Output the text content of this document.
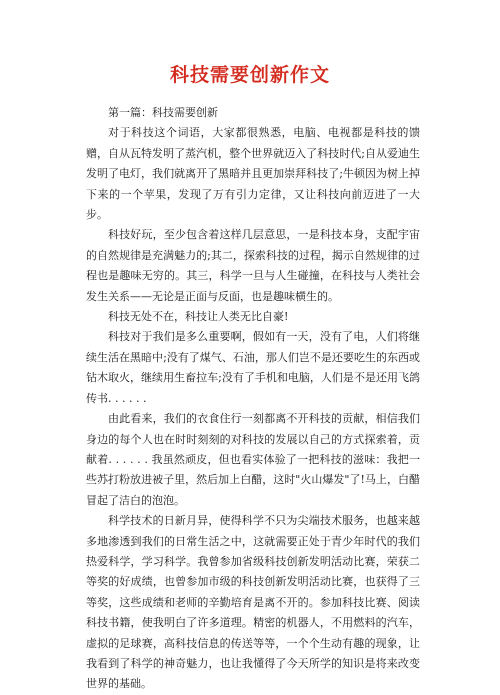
科技需要创新作文

第一篇：科技需要创新

对于科技这个词语，大家都很熟悉，电脑、电视都是科技的馈赠，自从瓦特发明了蒸汽机，整个世界就迈入了科技时代;自从爱迪生发明了电灯，我们就离开了黑暗并且更加崇拜科技了;牛顿因为树上掉下来的一个苹果，发现了万有引力定律，又让科技向前迈进了一大步。

科技好玩，至少包含着这样几层意思，一是科技本身，支配宇宙的自然规律是充满魅力的;其二，探索科技的过程，揭示自然规律的过程也是趣味无穷的。其三，科学一旦与人生碰撞，在科技与人类社会发生关系——无论是正面与反面，也是趣味横生的。

科技无处不在，科技让人类无比自豪!

科技对于我们是多么重要啊，假如有一天，没有了电，人们将继续生活在黑暗中;没有了煤气、石油，那人们岂不是还要吃生的东西或钻木取火，继续用生畜拉车;没有了手机和电脑，人们是不是还用飞鸽传书. . . . . .

由此看来，我们的衣食住行一刻都离不开科技的贡献，相信我们身边的每个人也在时时刻刻的对科技的发展以自己的方式探索着，贡献着. . . . . . 我虽然顽皮，但也看实体验了一把科技的滋味：我把一些苏打粉放进被子里，然后加上白醋，这时"火山爆发"了!马上，白醋冒起了洁白的泡泡。

科学技术的日新月异，使得科学不只为尖端技术服务，也越来越多地渗透到我们的日常生活之中，这就需要正处于青少年时代的我们热爱科学，学习科学。我曾参加省级科技创新发明活动比赛，荣获二等奖的好成绩，也曾参加市级的科技创新发明活动比赛，也获得了三等奖，这些成绩和老师的辛勤培育是离不开的。参加科技比赛、阅读科技书籍，使我明白了许多道理。精密的机器人，不用燃料的汽车，虚拟的足球赛，高科技信息的传送等等，一个个生动有趣的现象，让我看到了科学的神奇魅力，也让我懂得了今天所学的知识是将来改变世界的基础。
